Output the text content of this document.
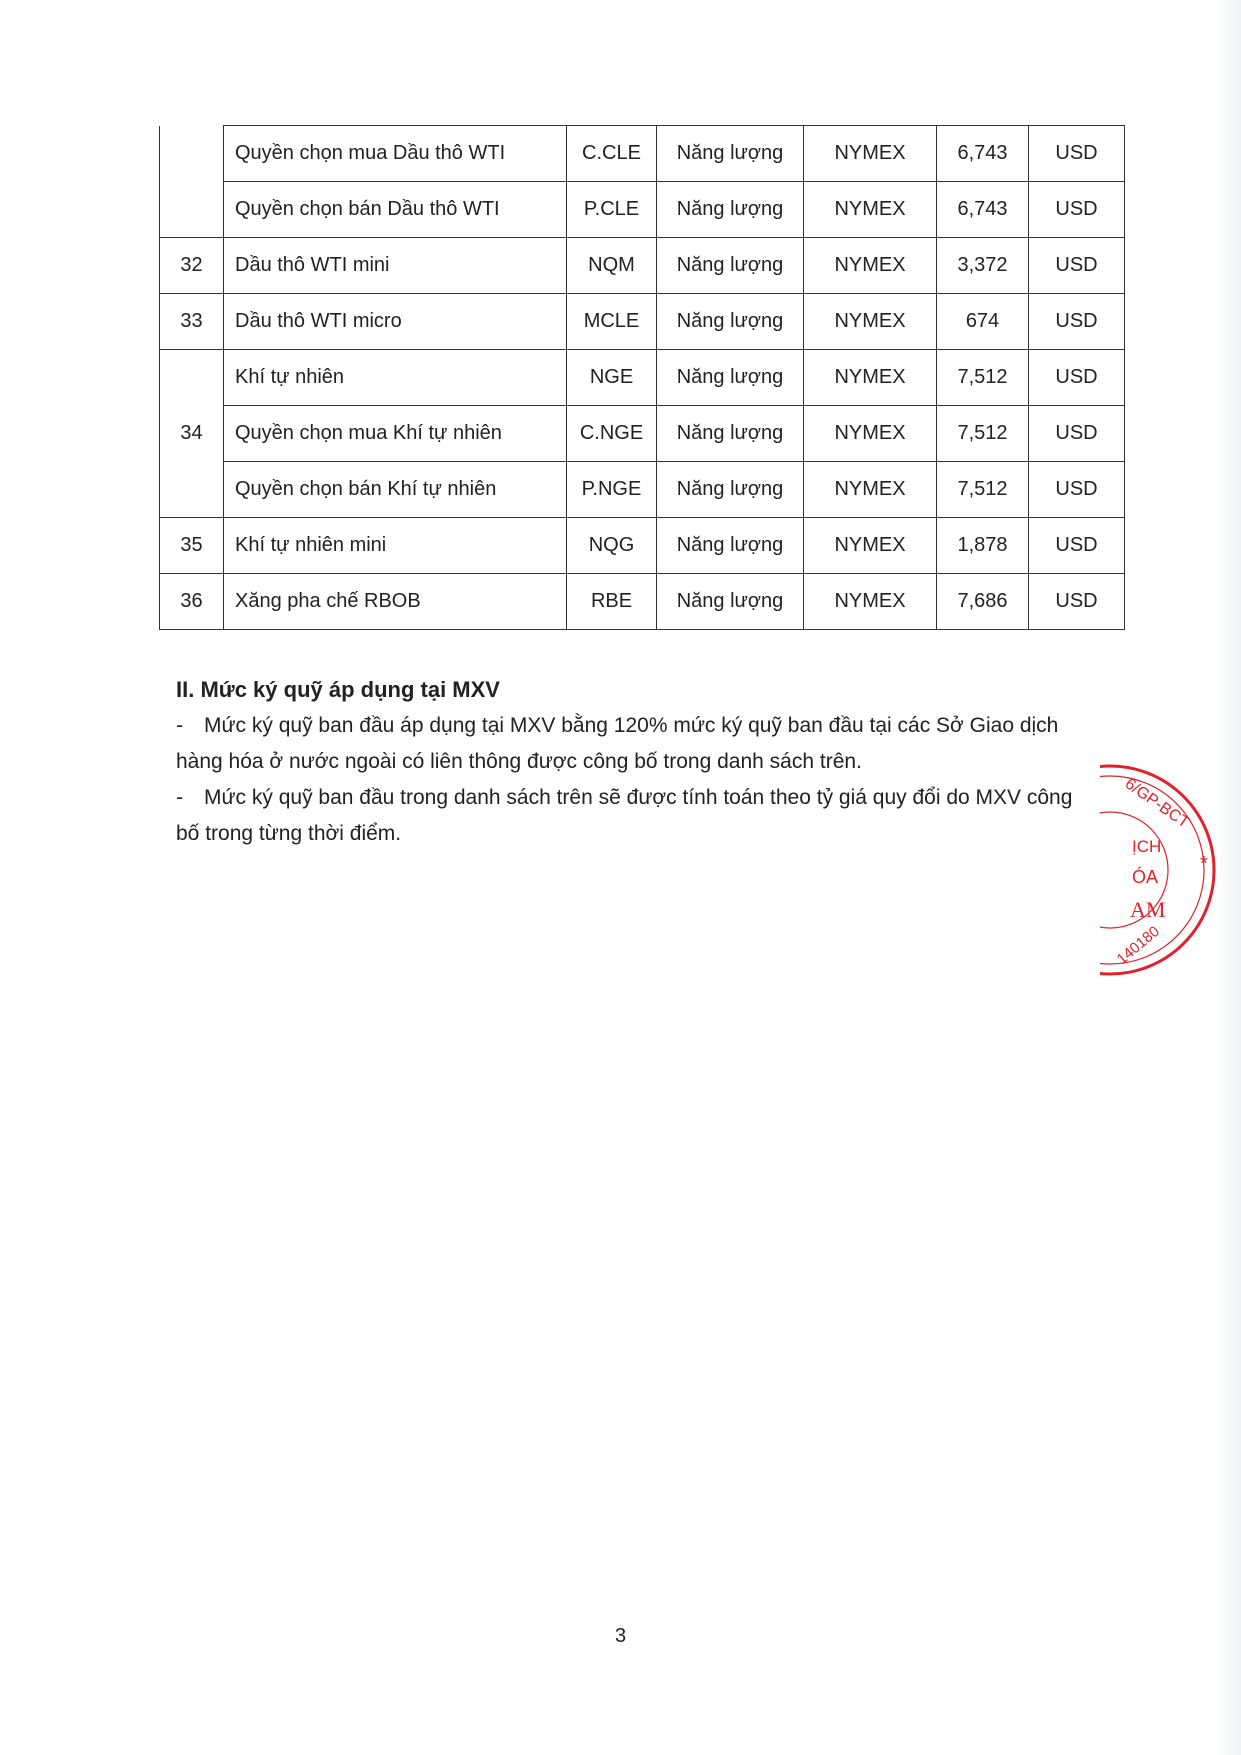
	Quyền chọn mua Dầu thô WTI	C.CLE	Năng lượng	NYMEX	6,743	USD
	Quyền chọn bán Dầu thô WTI	P.CLE	Năng lượng	NYMEX	6,743	USD
32	Dầu thô WTI mini	NQM	Năng lượng	NYMEX	3,372	USD
33	Dầu thô WTI micro	MCLE	Năng lượng	NYMEX	674	USD
34	Khí tự nhiên	NGE	Năng lượng	NYMEX	7,512	USD
	Quyền chọn mua Khí tự nhiên	C.NGE	Năng lượng	NYMEX	7,512	USD
	Quyền chọn bán Khí tự nhiên	P.NGE	Năng lượng	NYMEX	7,512	USD
35	Khí tự nhiên mini	NQG	Năng lượng	NYMEX	1,878	USD
36	Xăng pha chế RBOB	RBE	Năng lượng	NYMEX	7,686	USD
II. Mức ký quỹ áp dụng tại MXV
- Mức ký quỹ ban đầu áp dụng tại MXV bằng 120% mức ký quỹ ban đầu tại các Sở Giao dịch hàng hóa ở nước ngoài có liên thông được công bố trong danh sách trên.
- Mức ký quỹ ban đầu trong danh sách trên sẽ được tính toán theo tỷ giá quy đổi do MXV công bố trong từng thời điểm.
6/GP-BCT
ỊCH
ÓA
AM
*
140180
3
